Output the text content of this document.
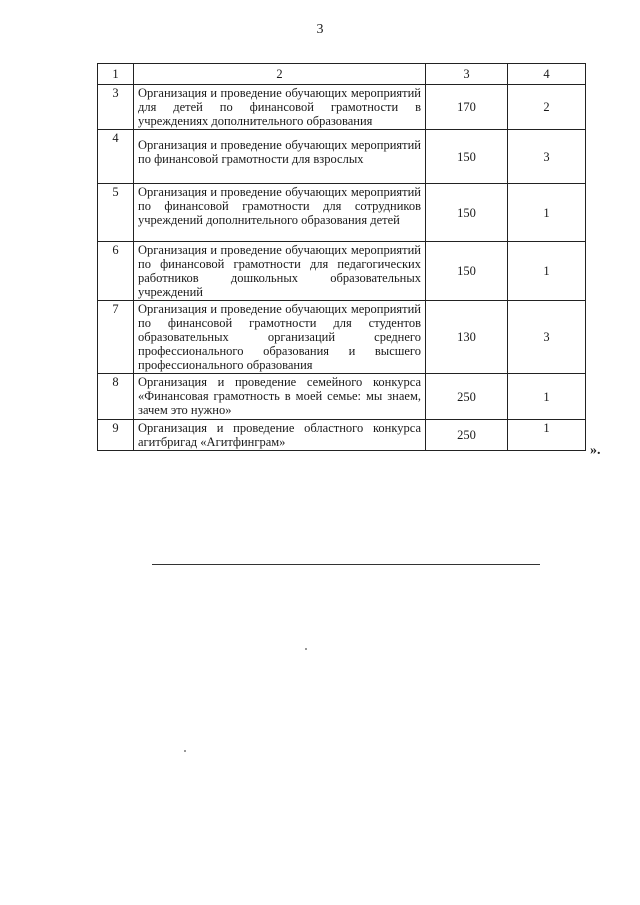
3
1	2	3	4
3	Организация и проведение обучающих мероприятий для детей по финансовой грамотности в учреждениях дополнительного образования	170	2
4	Организация и проведение обучающих мероприятий по финансовой грамотности для взрослых	150	3
5	Организация и проведение обучающих мероприятий по финансовой грамотности для сотрудников учреждений дополнительного образования детей	150	1
6	Организация и проведение обучающих мероприятий по финансовой грамотности для педагогических работников дошкольных образовательных учреждений	150	1
7	Организация и проведение обучающих мероприятий по финансовой грамотности для студентов образовательных организаций среднего профессионального образования и высшего профессионального образования	130	3
8	Организация и проведение семейного конкурса «Финансовая грамотность в моей семье: мы знаем, зачем это нужно»	250	1
9	Организация и проведение областного конкурса агитбригад «Агитфинграм»	250	1
».
